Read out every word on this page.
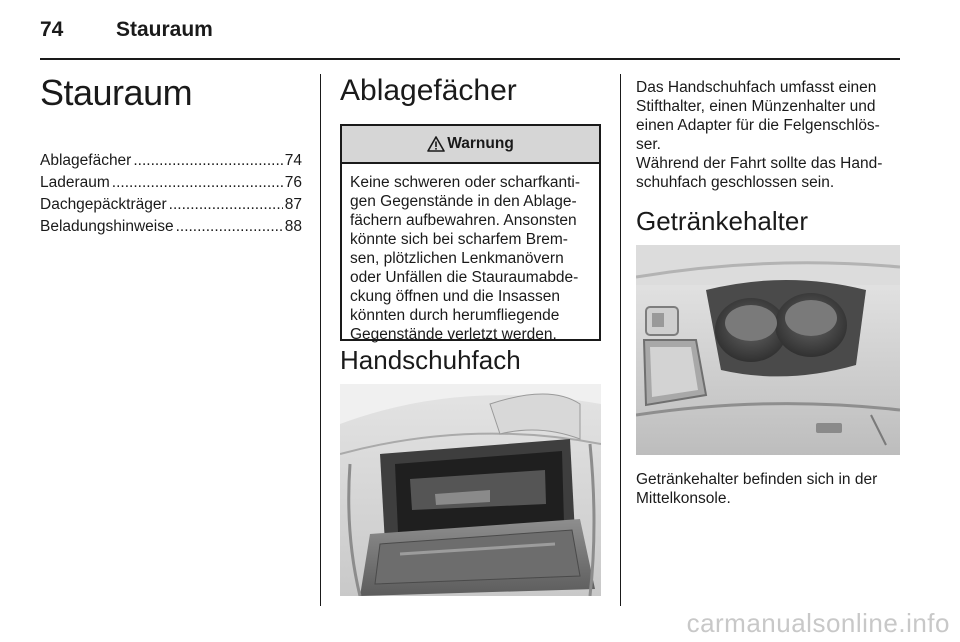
74	Stauraum
Stauraum
Ablagefächer .....	74
Laderaum .....	76
Dachgepäckträger .....	87
Beladungshinweise .....	88
Ablagefächer
Warnung
Keine schweren oder scharfkanti-gen Gegenstände in den Ablage-fächern aufbewahren. Ansonsten könnte sich bei scharfem Brem-sen, plötzlichen Lenkmanövern oder Unfällen die Stauraumabde-ckung öffnen und die Insassen könnten durch herumfliegende Gegenstände verletzt werden.
Handschuhfach
Das Handschuhfach umfasst einen Stifthalter, einen Münzenhalter und einen Adapter für die Felgenschlös-ser.
Während der Fahrt sollte das Hand-schuhfach geschlossen sein.
Getränkehalter
Getränkehalter befinden sich in der Mittelkonsole.
carmanualsonline.info
